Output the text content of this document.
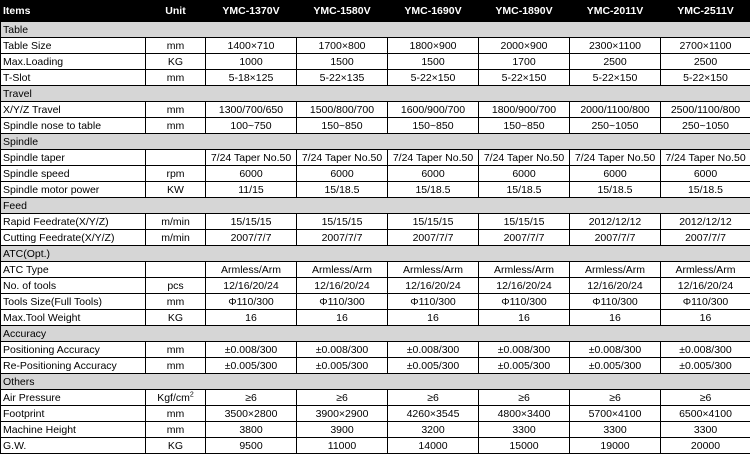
Items	Unit	YMC-1370V	YMC-1580V	YMC-1690V	YMC-1890V	YMC-2011V	YMC-2511V
Table							
Table Size	mm	1400×710	1700×800	1800×900	2000×900	2300×1100	2700×1100
Max.Loading	KG	1000	1500	1500	1700	2500	2500
T-Slot	mm	5-18×125	5-22×135	5-22×150	5-22×150	5-22×150	5-22×150
Travel							
X/Y/Z Travel	mm	1300/700/650	1500/800/700	1600/900/700	1800/900/700	2000/1100/800	2500/1100/800
Spindle nose to table	mm	100~750	150~850	150~850	150~850	250~1050	250~1050
Spindle							
Spindle taper		7/24 Taper No.50	7/24 Taper No.50	7/24 Taper No.50	7/24 Taper No.50	7/24 Taper No.50	7/24 Taper No.50
Spindle speed	rpm	6000	6000	6000	6000	6000	6000
Spindle motor power	KW	11/15	15/18.5	15/18.5	15/18.5	15/18.5	15/18.5
Feed							
Rapid Feedrate(X/Y/Z)	m/min	15/15/15	15/15/15	15/15/15	15/15/15	2012/12/12	2012/12/12
Cutting Feedrate(X/Y/Z)	m/min	2007/7/7	2007/7/7	2007/7/7	2007/7/7	2007/7/7	2007/7/7
ATC(Opt.)							
ATC Type		Armless/Arm	Armless/Arm	Armless/Arm	Armless/Arm	Armless/Arm	Armless/Arm
No. of tools	pcs	12/16/20/24	12/16/20/24	12/16/20/24	12/16/20/24	12/16/20/24	12/16/20/24
Tools Size(Full Tools)	mm	Φ110/300	Φ110/300	Φ110/300	Φ110/300	Φ110/300	Φ110/300
Max.Tool Weight	KG	16	16	16	16	16	16
Accuracy							
Positioning Accuracy	mm	±0.008/300	±0.008/300	±0.008/300	±0.008/300	±0.008/300	±0.008/300
Re-Positioning Accuracy	mm	±0.005/300	±0.005/300	±0.005/300	±0.005/300	±0.005/300	±0.005/300
Others							
Air Pressure	Kgf/$cm^2$	≥6	≥6	≥6	≥6	≥6	≥6
Footprint	mm	3500×2800	3900×2900	4260×3545	4800×3400	5700×4100	6500×4100
Machine Height	mm	3800	3900	3200	3300	3300	3300
G.W.	KG	9500	11000	14000	15000	19000	20000
